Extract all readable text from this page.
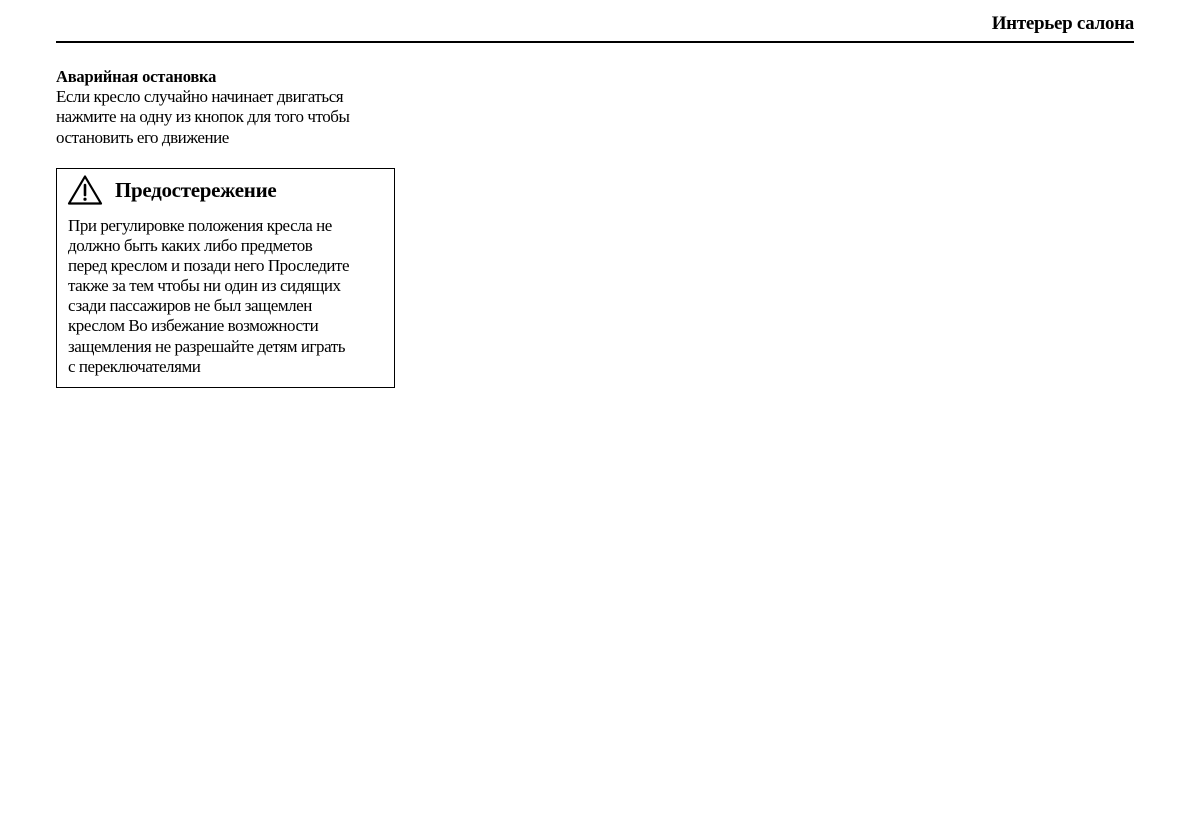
Интерьер салона
Аварийная остановка
Если кресло случайно начинает двигаться
нажмите на одну из кнопок для того чтобы
остановить его движение
Предостережение
При регулировке положения кресла не
должно быть каких либо предметов
перед креслом и позади него Проследите
также за тем чтобы ни один из сидящих
сзади пассажиров не был защемлен
креслом Во избежание возможности
защемления не разрешайте детям играть
с переключателями
